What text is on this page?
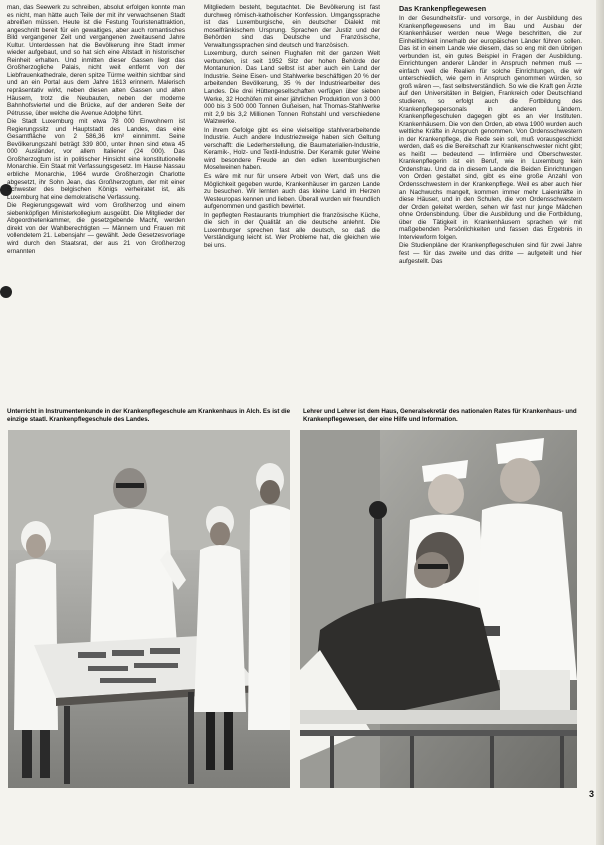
man, das Seewerk zu schreiben, absolut erfolgen konnte man es nicht, man hätte auch Teile der mit ihr verwachsenen Stadt abreißen müssen. Heute ist die Festung Touristenattraktion, angeschnitt bereit für ein gewaltiges, aber auch romantisches Bild vergangener Zeit und vergangenen zweitausend Jahre Kultur. Unterdessen hat die Bevölkerung ihre Stadt immer wieder aufgebaut, und so hat sich eine Altstadt in historischer Reinheit erhalten. Und inmitten dieser Gassen liegt das Großherzogliche Palais, nicht weit entfernt von der Liebfrauenkathedrale, deren spitze Türme weithin sichtbar sind und an ein Portal aus dem Jahre 1613 erinnern. Malerisch repräsentativ wirkt, neben diesen alten Gassen und alten Häusern, trotz die Neubauten, neben der moderne Bahnhofsviertel und die Brücke, auf der anderen Seite der Pétrusse, über welche die Avenue Adolphe führt.

Die Stadt Luxemburg mit etwa 78 000 Einwohnern ist Regierungssitz und Hauptstadt des Landes, das eine Gesamtfläche von 2 586,36 km² einnimmt. Seine Bevölkerungszahl beträgt 339 800, unter ihnen sind etwa 45 000 Ausländer, vor allem Italiener (24 000). Das Großherzogtum ist in politischer Hinsicht eine konstitutionelle Monarchie. Ein Staat mit Verfassungsgesetz. Im Hause Nassau erbliche Monarchie, 1964 wurde Großherzogin Charlotte abgesetzt, ihr Sohn Jean, das Großherzogtum, der mit einer Schwester des belgischen Königs verheiratet ist, als Luxemburg hat eine demokratische Verfassung.

Die Regierungsgewalt wird vom Großherzog und einem siebenköpfigen Ministerkollegium ausgeübt. Die Mitglieder der Abgeordnetenkammer, die gesetzgebende Macht, werden direkt von der Wahlberechtigten — Männern und Frauen mit vollendetem 21. Lebensjahr — gewählt. Jede Gesetzesvorlage wird durch den Staatsrat, der aus 21 von Großherzog ernannten

Mitgliedern besteht, begutachtet. Die Bevölkerung ist fast durchweg römisch-katholischer Konfession. Umgangssprache ist das Luxemburgische, ein deutscher Dialekt mit moselfränkischem Ursprung. Sprachen der Justiz und der Behörden sind das Deutsche und Französische, Verwaltungssprachen sind deutsch und französisch.

Luxemburg, durch seinen Flughafen mit der ganzen Welt verbunden, ist seit 1952 Sitz der hohen Behörde der Montanunion. Das Land selbst ist aber auch ein Land der Industrie. Seine Eisen- und Stahlwerke beschäftigen 20 % der arbeitenden Bevölkerung, 35 % der Industriearbeiter des Landes. Die drei Hüttengesellschaften verfügen über sieben Werke, 32 Hochöfen mit einer jährlichen Produktion von 3 000 000 bis 3 500 000 Tonnen Gußeisen, hat Thomas-Stahlwerke mit 2,9 bis 3,2 Millionen Tonnen Rohstahl und verschiedene Walzwerke.

In ihrem Gefolge gibt es eine vielseitige stahlverarbeitende Industrie. Auch andere Industriezweige haben sich Geltung verschafft: die Lederherstellung, die Baumaterialien-Industrie, Keramik-, Holz- und Textil-Industrie. Der Keramik guter Weine wird besondere Freude an den edlen luxemburgischen Moselweinen haben.

Es wäre mit nur für unsere Arbeit von Wert, daß uns die Möglichkeit gegeben wurde, Krankenhäuser im ganzen Lande zu besuchen. Wir lernten auch das kleine Land im Herzen Westeuropas kennen und lieben. Überall wurden wir freundlich aufgenommen und gastlich bewirtet.

In gepflegten Restaurants triumphiert die französische Küche, die sich in der Qualität an die deutsche anlehnt. Die Luxemburger sprechen fast alle deutsch, so daß die Verständigung leicht ist. Wer Probleme hat, die gleichen wie bei uns.

Das Krankenpflegewesen

In der Gesundheitsfür- und vorsorge, in der Ausbildung des Krankenpflegewesens und im Bau und Ausbau der Krankenhäuser werden neue Wege beschritten, die zur Einheitlichkeit innerhalb der europäischen Länder führen sollen. Das ist in einem Lande wie diesem, das so eng mit den übrigen verbunden ist, ein gutes Beispiel in Fragen der Ausbildung. Einrichtungen anderer Länder in Anspruch nehmen muß — einfach weil die Realien für solche Einrichtungen, die wir unterschiedlich, wie gern in Anspruch genommen würden, so groß wären —, fast selbstverständlich. So wie die Kraft gen Ärzte auf den Universitäten in Belgien, Frankreich oder Deutschland studieren, so erfolgt auch die Fortbildung des Krankenpflegepersonals in anderen Ländern. Krankenpflegeschulen dagegen gibt es an vier Instituten. Krankenhäusern. Die von den Orden, ab etwa 1900 wurden auch weltliche Kräfte in Anspruch genommen. Von Ordensschwestern in der Krankenpflege, die Rede sein soll, muß vorausgeschickt werden, daß es die Bereitschaft zur Krankenschwester nicht gibt; es heißt — bedeutend — Infirmière und Oberschwester. Krankenpflegerin ist ein Beruf, wie in Luxemburg kein Ordensfrau. Und da in diesem Lande die Beiden Einrichtungen von Orden gestaltet sind, gibt es eine große Anzahl von Ordensschwestern in der Krankenpflege. Weil es aber auch hier an Nachwuchs mangelt, kommen immer mehr Laienkräfte in diese Häuser, und in den Schulen, die von Ordensschwestern der Orden geleitet werden, sehen wir fast nur junge Mädchen ohne Ordensbindung. Über die Ausbildung und die Fortbildung, über die Tätigkeit in Krankenhäusern sprachen wir mit maßgebenden Persönlichkeiten und fassen das Ergebnis in Interviewform folgen.

Die Studienpläne der Krankenpflegeschulen sind für zwei Jahre fest — für das zweite und das dritte — aufgeteilt und hier aufgestellt. Das

Unterricht in Instrumentenkunde in der Krankenpflegeschule am Krankenhaus in Alch. Es ist die einzige staatl. Krankenpflegeschule des Landes.
Lehrer und Lehrer ist dem Haus, Generalsekretär des nationalen Rates für Krankenhaus- und Krankenpflegewesen, der eine Hilfe und Information.
3
